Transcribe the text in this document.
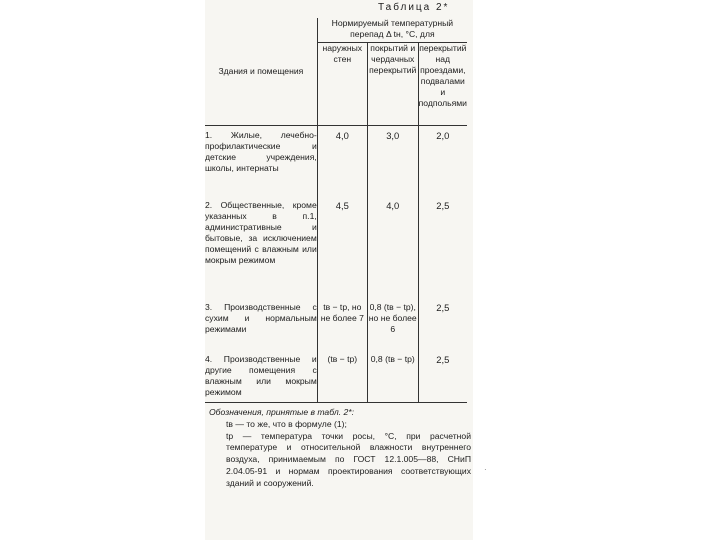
Таблица 2*
Здания и помещения	Нормируемый температурный перепад Δ tн, °С, для		
	наружных стен	покрытий и чердачных перекрытий	перекрытий над проездами, подвалами и подпольями
1. Жилые, лечебно-профилактические и детские учреждения, школы, интернаты	4,0	3,0	2,0
2. Общественные, кроме указанных в п.1, административные и бытовые, за исключением помещений с влажным или мокрым режимом	4,5	4,0	2,5
3. Производственные с сухим и нормальным режимами	tв − tр, но не более 7	0,8 (tв − tр), но не более 6	2,5
4. Производственные и другие помещения с влажным или мокрым режимом	(tв − tр)	0,8 (tв − tр)	2,5

Обозначения, принятые в табл. 2*:

tв — то же, что в формуле (1);

tр — температура точки росы, °С, при расчетной температуре и относительной влажности внутреннего воздуха, принимаемым по ГОСТ 12.1.005—88, СНиП 2.04.05-91 и нормам проектирования соответствующих зданий и сооружений.

·
